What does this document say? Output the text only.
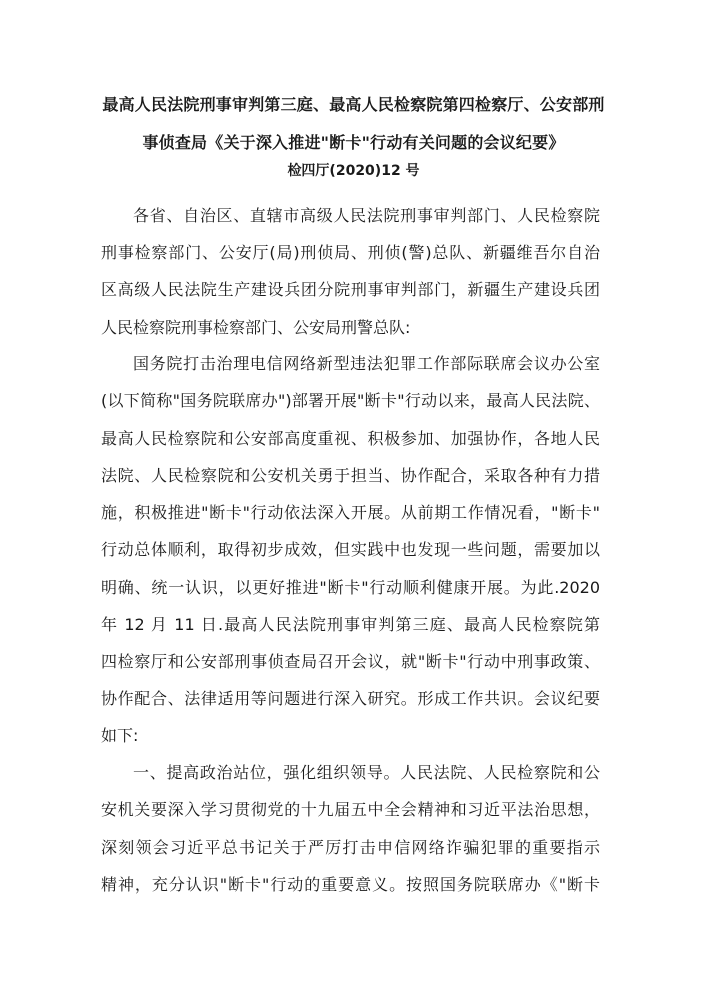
最高人民法院刑事审判第三庭、最高人民检察院第四检察厅、公安部刑
事侦查局《关于深入推进"断卡"行动有关问题的会议纪要》
检四厅(2020)12 号
各省、自治区、直辖市高级人民法院刑事审判部门、人民检察院
刑事检察部门、公安厅(局)刑侦局、刑侦(警)总队、新疆维吾尔自治
区高级人民法院生产建设兵团分院刑事审判部门，新疆生产建设兵团
人民检察院刑事检察部门、公安局刑警总队:
国务院打击治理电信网络新型违法犯罪工作部际联席会议办公室
(以下简称"国务院联席办")部署开展"断卡"行动以来，最高人民法院、
最高人民检察院和公安部高度重视、积极参加、加强协作，各地人民
法院、人民检察院和公安机关勇于担当、协作配合，采取各种有力措
施，积极推进"断卡"行动依法深入开展。从前期工作情况看，"断卡"
行动总体顺利，取得初步成效，但实践中也发现一些问题，需要加以
明确、统一认识，以更好推进"断卡"行动顺利健康开展。为此.2020
年 12 月 11 日.最高人民法院刑事审判第三庭、最高人民检察院第
四检察厅和公安部刑事侦查局召开会议，就"断卡"行动中刑事政策、
协作配合、法律适用等问题进行深入研究。形成工作共识。会议纪要
如下:
一、提高政治站位，强化组织领导。人民法院、人民检察院和公
安机关要深入学习贯彻党的十九届五中全会精神和习近平法治思想，
深刻领会习近平总书记关于严厉打击申信网络诈骗犯罪的重要指示
精神，充分认识"断卡"行动的重要意义。按照国务院联席办《"断卡
